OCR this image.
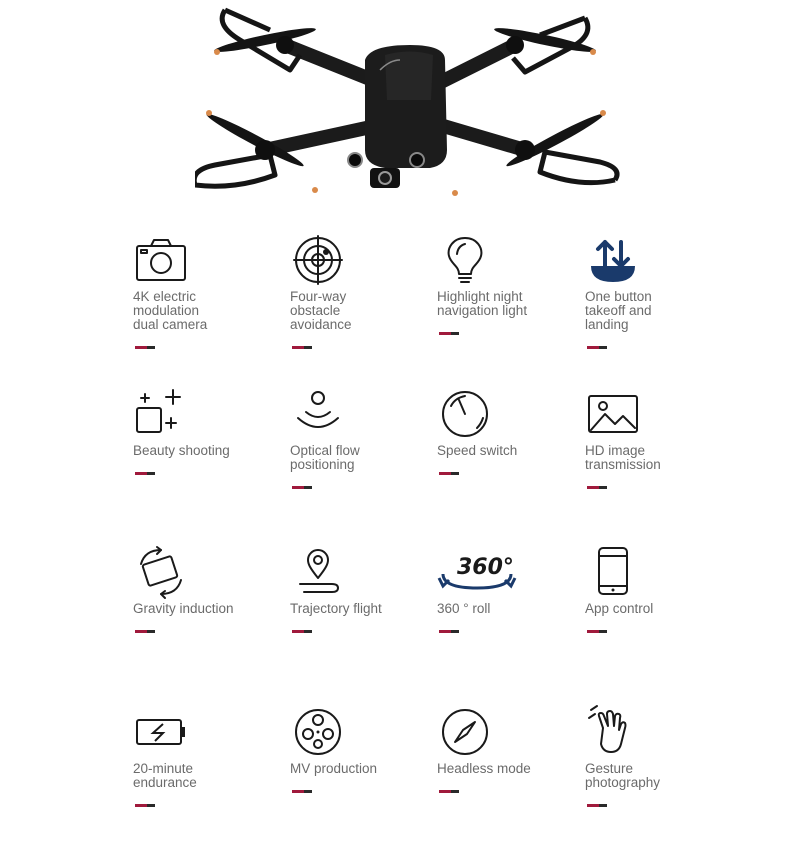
4K electric
modulation
dual camera
Four-way
obstacle
avoidance
Highlight night
navigation light
One button
takeoff and
landing
Beauty shooting	Optical flow
positioning
Speed switch	HD image
transmission
Gravity induction	Trajectory flight
360°
360 ° roll	App control
20-minute
endurance
MV production	Headless mode	Gesture
photography
